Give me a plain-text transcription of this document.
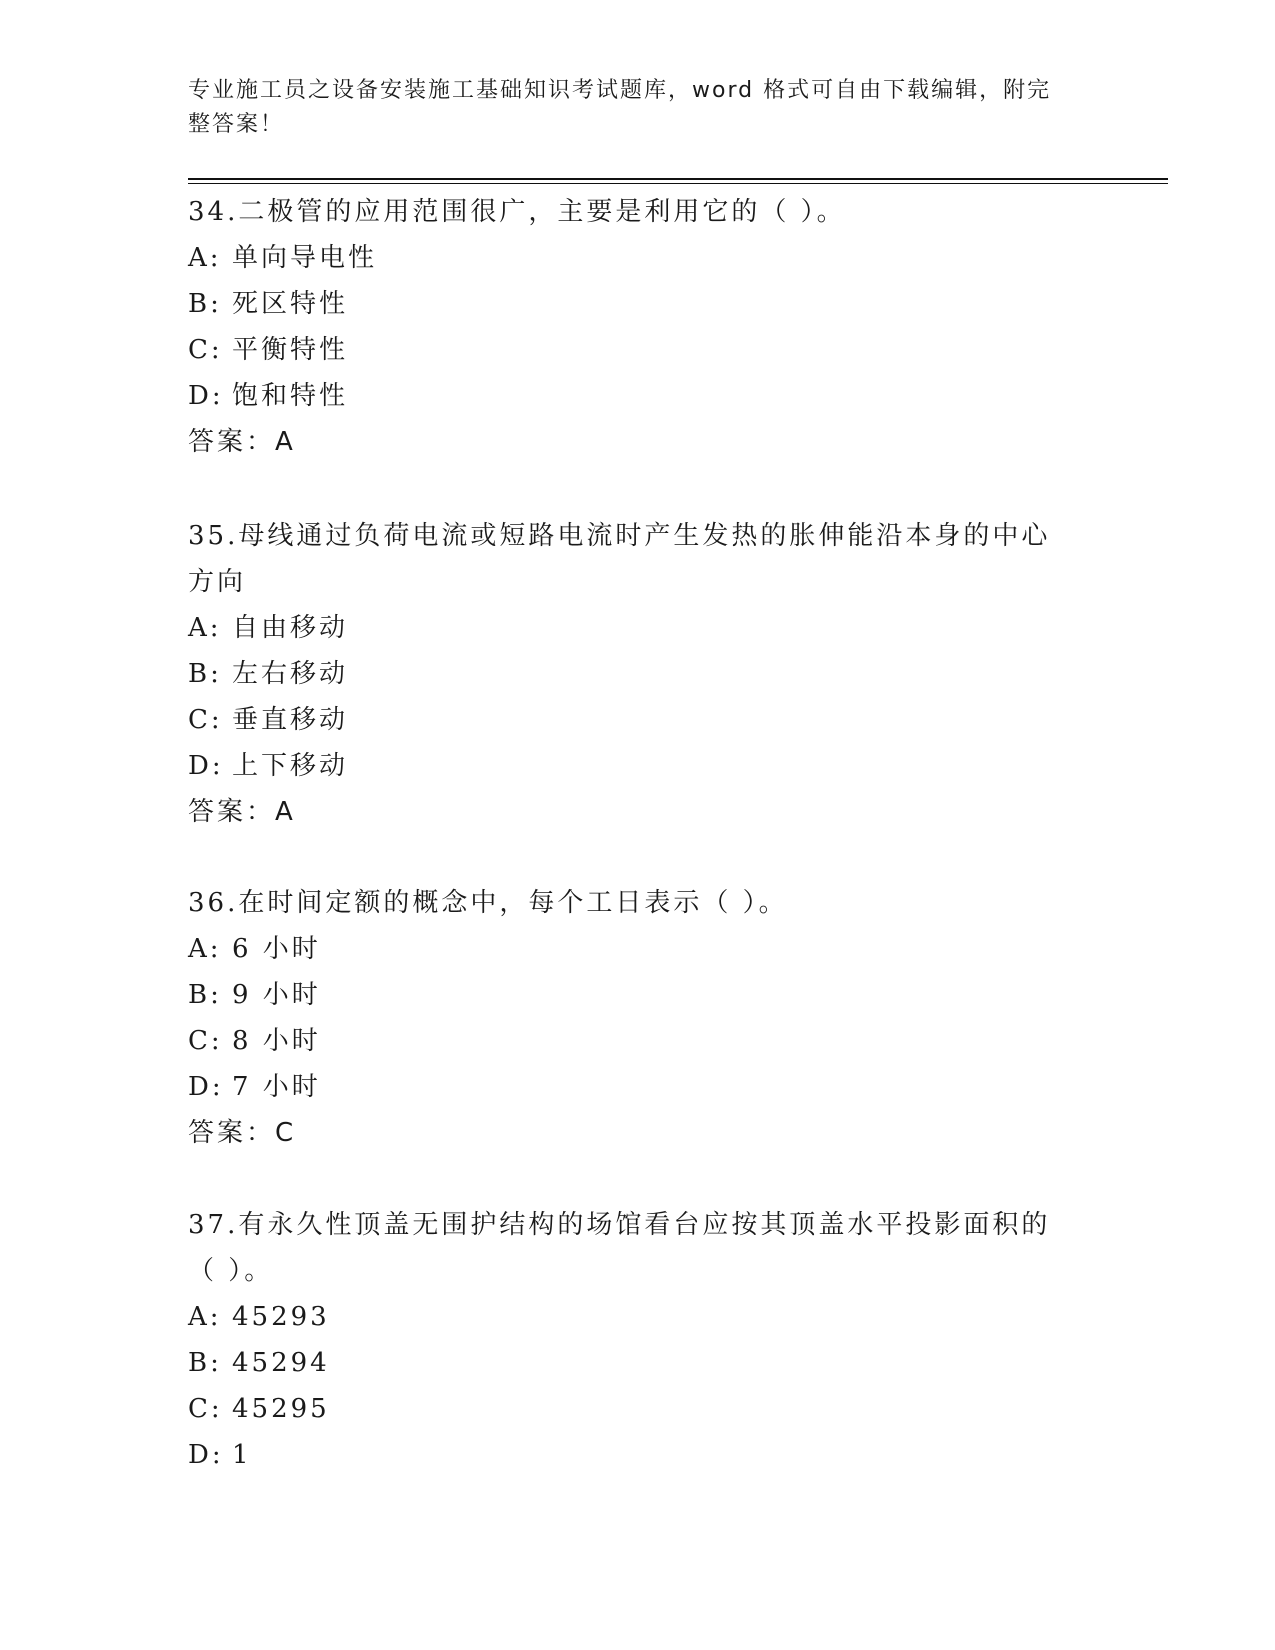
专业施工员之设备安装施工基础知识考试题库，word 格式可自由下载编辑，附完整答案！

34.二极管的应用范围很广，主要是利用它的（ ）。

A: 单向导电性
B: 死区特性
C: 平衡特性
D: 饱和特性
答案：A

35.母线通过负荷电流或短路电流时产生发热的胀伸能沿本身的中心方向

A: 自由移动
B: 左右移动
C: 垂直移动
D: 上下移动
答案：A

36.在时间定额的概念中，每个工日表示（ ）。

A: 6 小时
B: 9 小时
C: 8 小时
D: 7 小时
答案：C

37.有永久性顶盖无围护结构的场馆看台应按其顶盖水平投影面积的（ ）。

A: 45293
B: 45294
C: 45295
D: 1
